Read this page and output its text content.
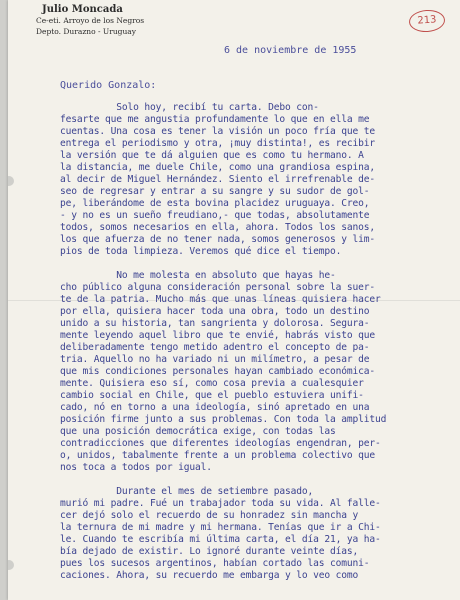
Julio Moncada
Ce-eti. Arroyo de los Negros
Depto. Durazno - Uruguay
213
6 de noviembre de 1955
Querido Gonzalo:
Solo hoy, recibí tu carta. Debo con-
fesarte que me angustia profundamente lo que en ella me
cuentas. Una cosa es tener la visión un poco fría que te
entrega el periodismo y otra, ¡muy distinta!, es recibir
la versión que te dá alguien que es como tu hermano. A
la distancia, me duele Chile, como una grandiosa espina,
al decir de Miguel Hernández. Siento el irrefrenable de-
seo de regresar y entrar a su sangre y su sudor de gol-
pe, liberándome de esta bovina placidez uruguaya. Creo,
- y no es un sueño freudiano,- que todas, absolutamente
todos, somos necesarios en ella, ahora. Todos los sanos,
los que afuerza de no tener nada, somos generosos y lim-
pios de toda limpieza. Veremos qué dice el tiempo.
No me molesta en absoluto que hayas he-
cho público alguna consideración personal sobre la suer-
te de la patria. Mucho más que unas líneas quisiera hacer
por ella, quisiera hacer toda una obra, todo un destino
unido a su historia, tan sangrienta y dolorosa. Segura-
mente leyendo aquel libro que te envié, habrás visto que
deliberadamente tengo metido adentro el concepto de pa-
tria. Aquello no ha variado ni un milímetro, a pesar de
que mis condiciones personales hayan cambiado económica-
mente. Quisiera eso sí, como cosa previa a cualesquier
cambio social en Chile, que el pueblo estuviera unifi-
cado, nó en torno a una ideología, sinó apretado en una
posición firme junto a sus problemas. Con toda la amplitud
que una posición democrática exige, con todas las
contradicciones que diferentes ideologías engendran, per-
o, unidos, tabalmente frente a un problema colectivo que
nos toca a todos por igual.
Durante el mes de setiembre pasado,
murió mi padre. Fué un trabajador toda su vida. Al falle-
cer dejó solo el recuerdo de su honradez sin mancha y
la ternura de mi madre y mi hermana. Tenías que ir a Chi-
le. Cuando te escribía mi última carta, el día 21, ya ha-
bía dejado de existir. Lo ignoré durante veinte días,
pues los sucesos argentinos, habían cortado las comuni-
caciones. Ahora, su recuerdo me embarga y lo veo como
